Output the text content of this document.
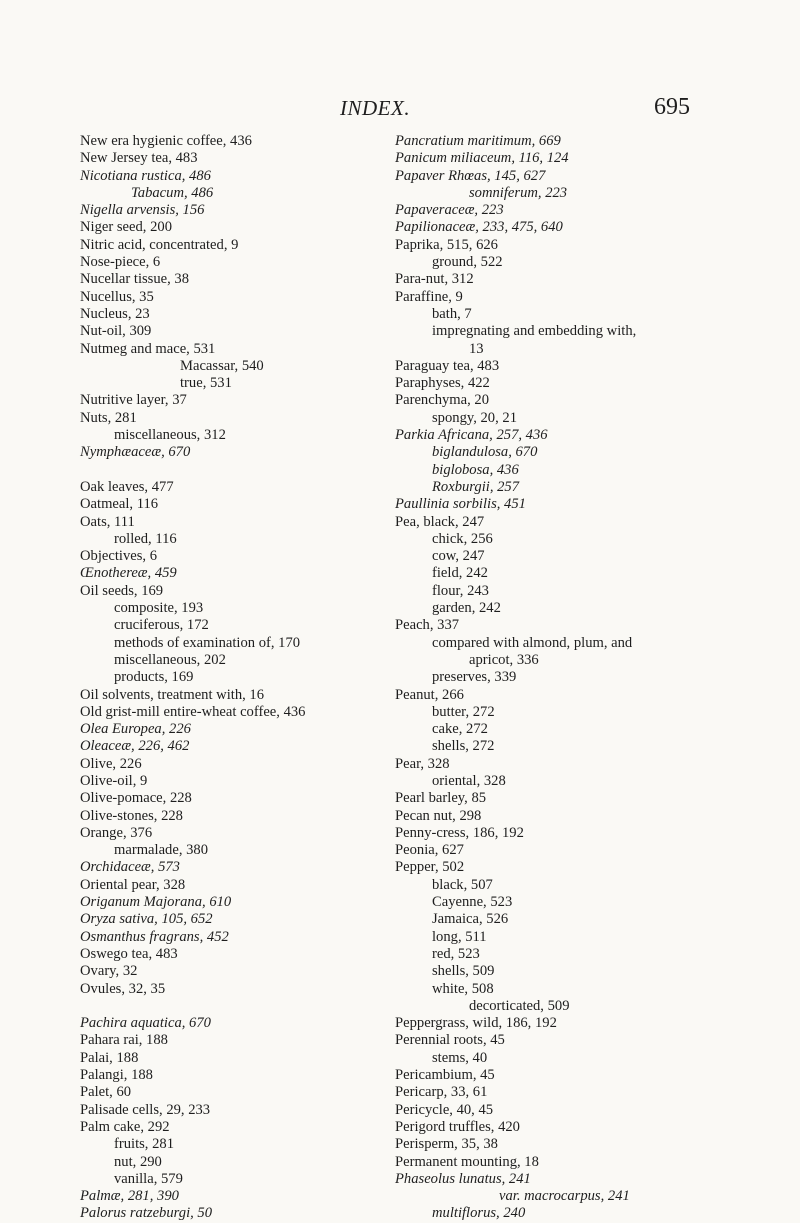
INDEX.	695
New era hygienic coffee, 436
New Jersey tea, 483
Nicotiana rustica, 486
Tabacum, 486
Nigella arvensis, 156
Niger seed, 200
Nitric acid, concentrated, 9
Nose-piece, 6
Nucellar tissue, 38
Nucellus, 35
Nucleus, 23
Nut-oil, 309
Nutmeg and mace, 531
Macassar, 540
true, 531
Nutritive layer, 37
Nuts, 281
miscellaneous, 312
Nymphæaceæ, 670
Oak leaves, 477
Oatmeal, 116
Oats, 111
rolled, 116
Objectives, 6
Œnothereæ, 459
Oil seeds, 169
composite, 193
cruciferous, 172
methods of examination of, 170
miscellaneous, 202
products, 169
Oil solvents, treatment with, 16
Old grist-mill entire-wheat coffee, 436
Olea Europea, 226
Oleaceæ, 226, 462
Olive, 226
Olive-oil, 9
Olive-pomace, 228
Olive-stones, 228
Orange, 376
marmalade, 380
Orchidaceæ, 573
Oriental pear, 328
Origanum Majorana, 610
Oryza sativa, 105, 652
Osmanthus fragrans, 452
Oswego tea, 483
Ovary, 32
Ovules, 32, 35
Pachira aquatica, 670
Pahara rai, 188
Palai, 188
Palangi, 188
Palet, 60
Palisade cells, 29, 233
Palm cake, 292
fruits, 281
nut, 290
vanilla, 579
Palmæ, 281, 390
Palorus ratzeburgi, 50
Pancratium maritimum, 669
Panicum miliaceum, 116, 124
Papaver Rhœas, 145, 627
somniferum, 223
Papaveraceæ, 223
Papilionaceæ, 233, 475, 640
Paprika, 515, 626
ground, 522
Para-nut, 312
Paraffine, 9
bath, 7
impregnating and embedding with,
13
Paraguay tea, 483
Paraphyses, 422
Parenchyma, 20
spongy, 20, 21
Parkia Africana, 257, 436
biglandulosa, 670
biglobosa, 436
Roxburgii, 257
Paullinia sorbilis, 451
Pea, black, 247
chick, 256
cow, 247
field, 242
flour, 243
garden, 242
Peach, 337
compared with almond, plum, and
apricot, 336
preserves, 339
Peanut, 266
butter, 272
cake, 272
shells, 272
Pear, 328
oriental, 328
Pearl barley, 85
Pecan nut, 298
Penny-cress, 186, 192
Peonia, 627
Pepper, 502
black, 507
Cayenne, 523
Jamaica, 526
long, 511
red, 523
shells, 509
white, 508
decorticated, 509
Peppergrass, wild, 186, 192
Perennial roots, 45
stems, 40
Pericambium, 45
Pericarp, 33, 61
Pericycle, 40, 45
Perigord truffles, 420
Perisperm, 35, 38
Permanent mounting, 18
Phaseolus lunatus, 241
var. macrocarpus, 241
multiflorus, 240
